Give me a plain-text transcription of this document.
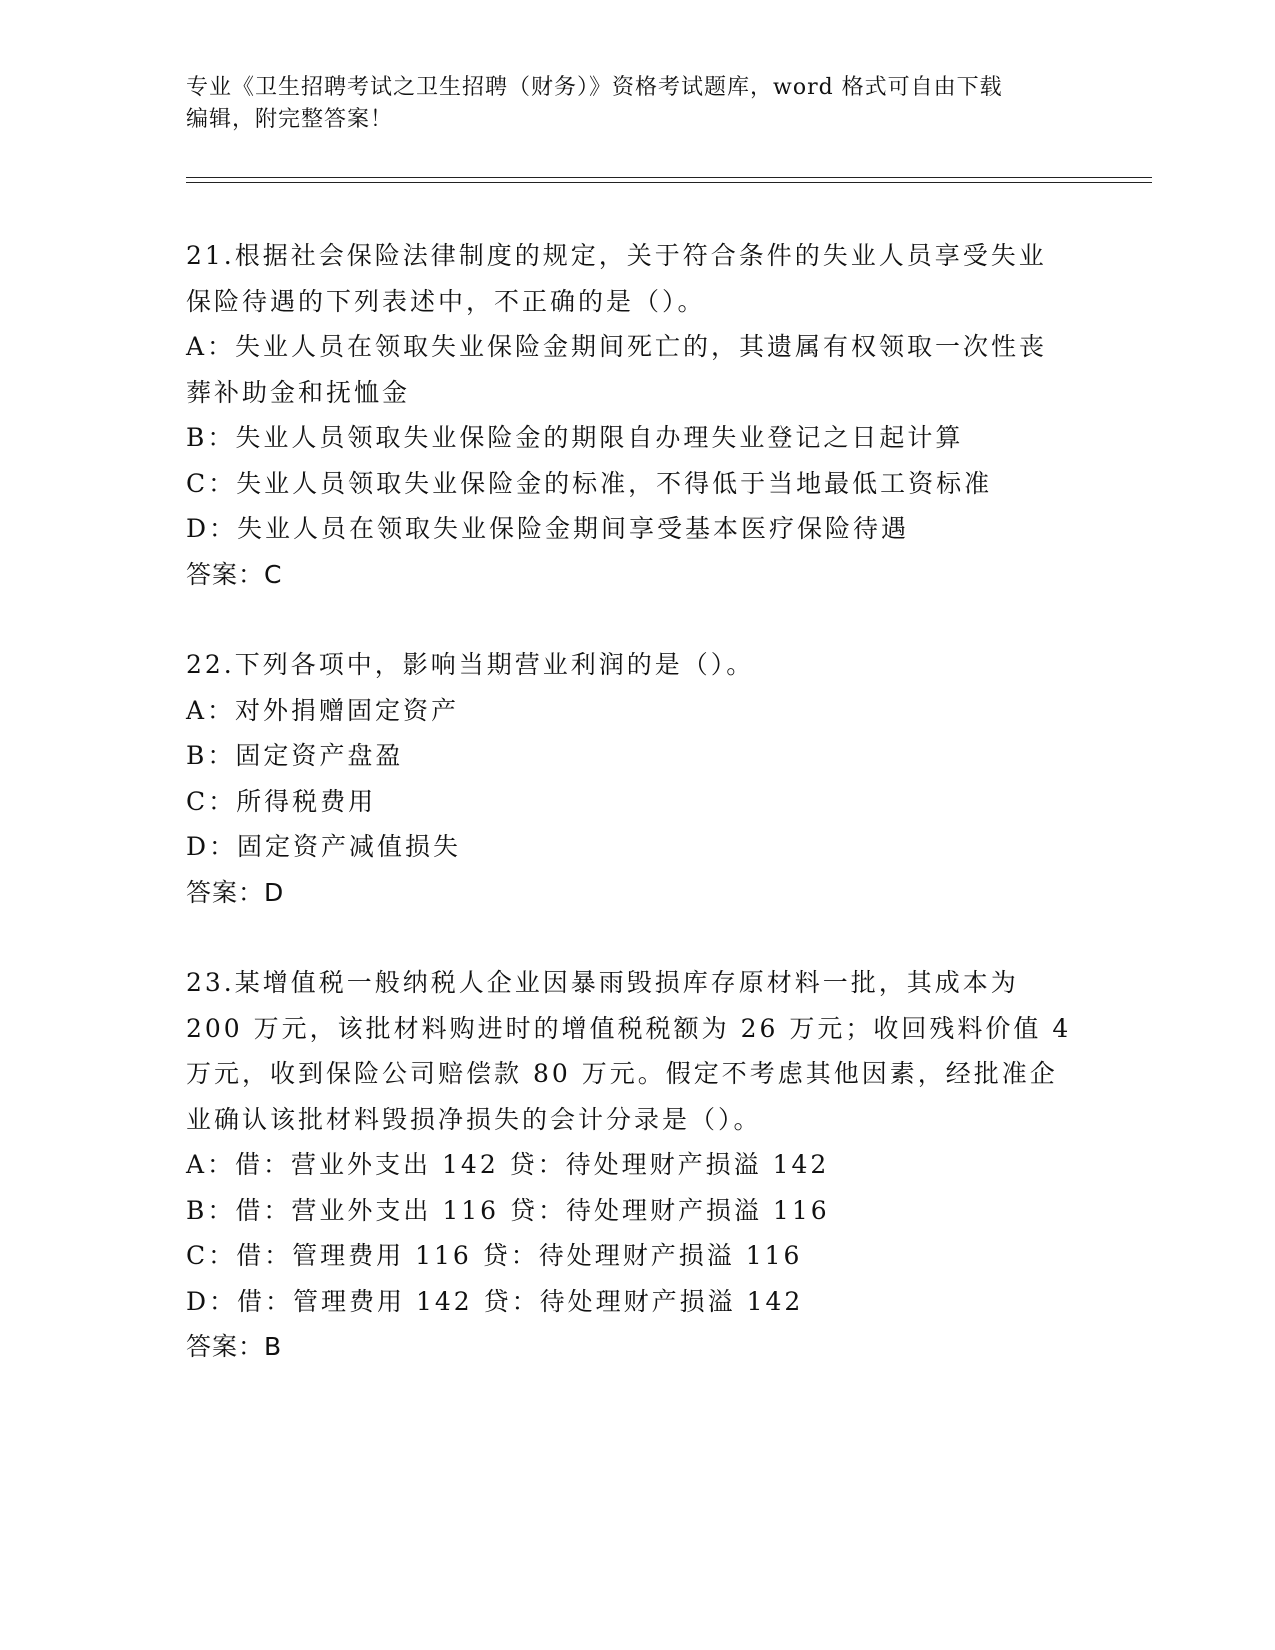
专业《卫生招聘考试之卫生招聘（财务）》资格考试题库，word 格式可自由下载
编辑，附完整答案！
21.根据社会保险法律制度的规定，关于符合条件的失业人员享受失业
保险待遇的下列表述中，不正确的是（）。
A：失业人员在领取失业保险金期间死亡的，其遗属有权领取一次性丧
葬补助金和抚恤金
B：失业人员领取失业保险金的期限自办理失业登记之日起计算
C：失业人员领取失业保险金的标准，不得低于当地最低工资标准
D：失业人员在领取失业保险金期间享受基本医疗保险待遇
答案：C
22.下列各项中，影响当期营业利润的是（）。
A：对外捐赠固定资产
B：固定资产盘盈
C：所得税费用
D：固定资产减值损失
答案：D
23.某增值税一般纳税人企业因暴雨毁损库存原材料一批，其成本为
200 万元，该批材料购进时的增值税税额为 26 万元；收回残料价值 4
万元，收到保险公司赔偿款 80 万元。假定不考虑其他因素，经批准企
业确认该批材料毁损净损失的会计分录是（）。
A：借：营业外支出 142 贷：待处理财产损溢 142
B：借：营业外支出 116 贷：待处理财产损溢 116
C：借：管理费用 116 贷：待处理财产损溢 116
D：借：管理费用 142 贷：待处理财产损溢 142
答案：B
